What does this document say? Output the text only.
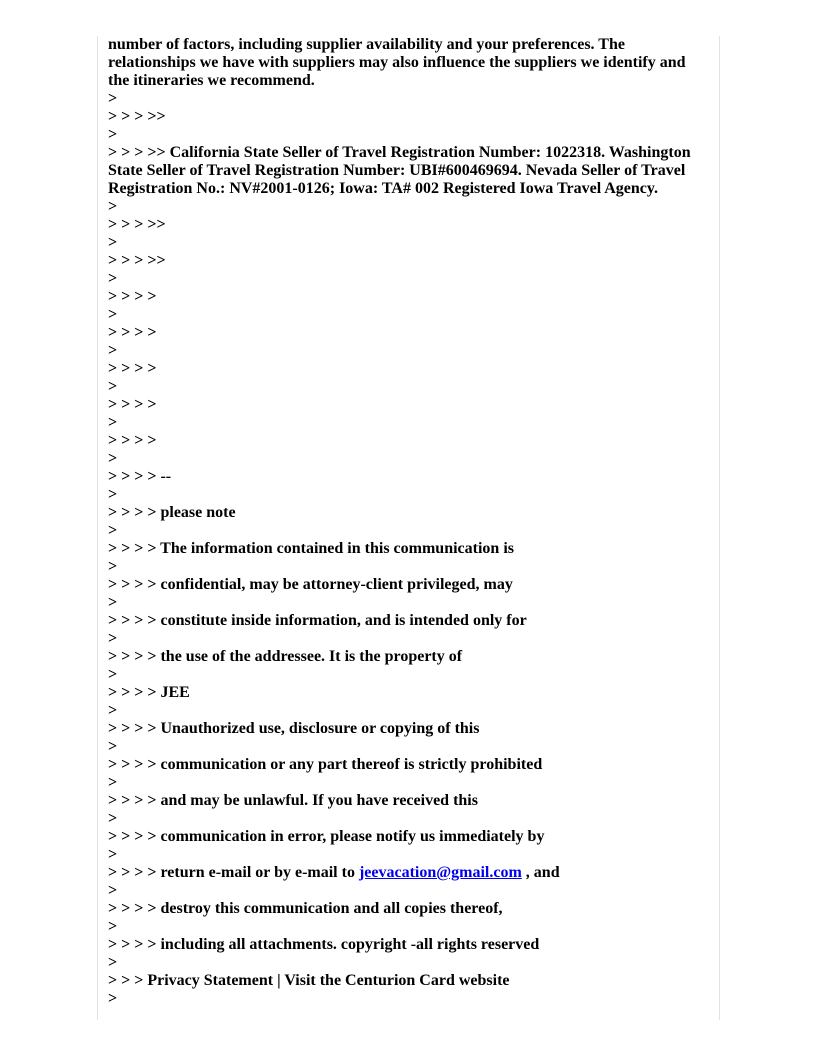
number of factors, including supplier availability and your preferences. The relationships we have with suppliers may also influence the suppliers we identify and the itineraries we recommend.

>

> > > >>

>

> > > >> California State Seller of Travel Registration Number: 1022318. Washington State Seller of Travel Registration Number: UBI#600469694. Nevada Seller of Travel Registration No.: NV#2001-0126; Iowa: TA# 002 Registered Iowa Travel Agency.

>

> > > >>

>

> > > >>

>

> > > >

>

> > > >

>

> > > >

>

> > > >

>

> > > >

>

> > > > --

>

> > > > please note

>

> > > > The information contained in this communication is

>

> > > > confidential, may be attorney-client privileged, may

>

> > > > constitute inside information, and is intended only for

>

> > > > the use of the addressee. It is the property of

>

> > > > JEE

>

> > > > Unauthorized use, disclosure or copying of this

>

> > > > communication or any part thereof is strictly prohibited

>

> > > > and may be unlawful. If you have received this

>

> > > > communication in error, please notify us immediately by

>

> > > > return e-mail or by e-mail to jeevacation@gmail.com , and

>

> > > > destroy this communication and all copies thereof,

>

> > > > including all attachments. copyright -all rights reserved

>

> > > Privacy Statement | Visit the Centurion Card website

>
